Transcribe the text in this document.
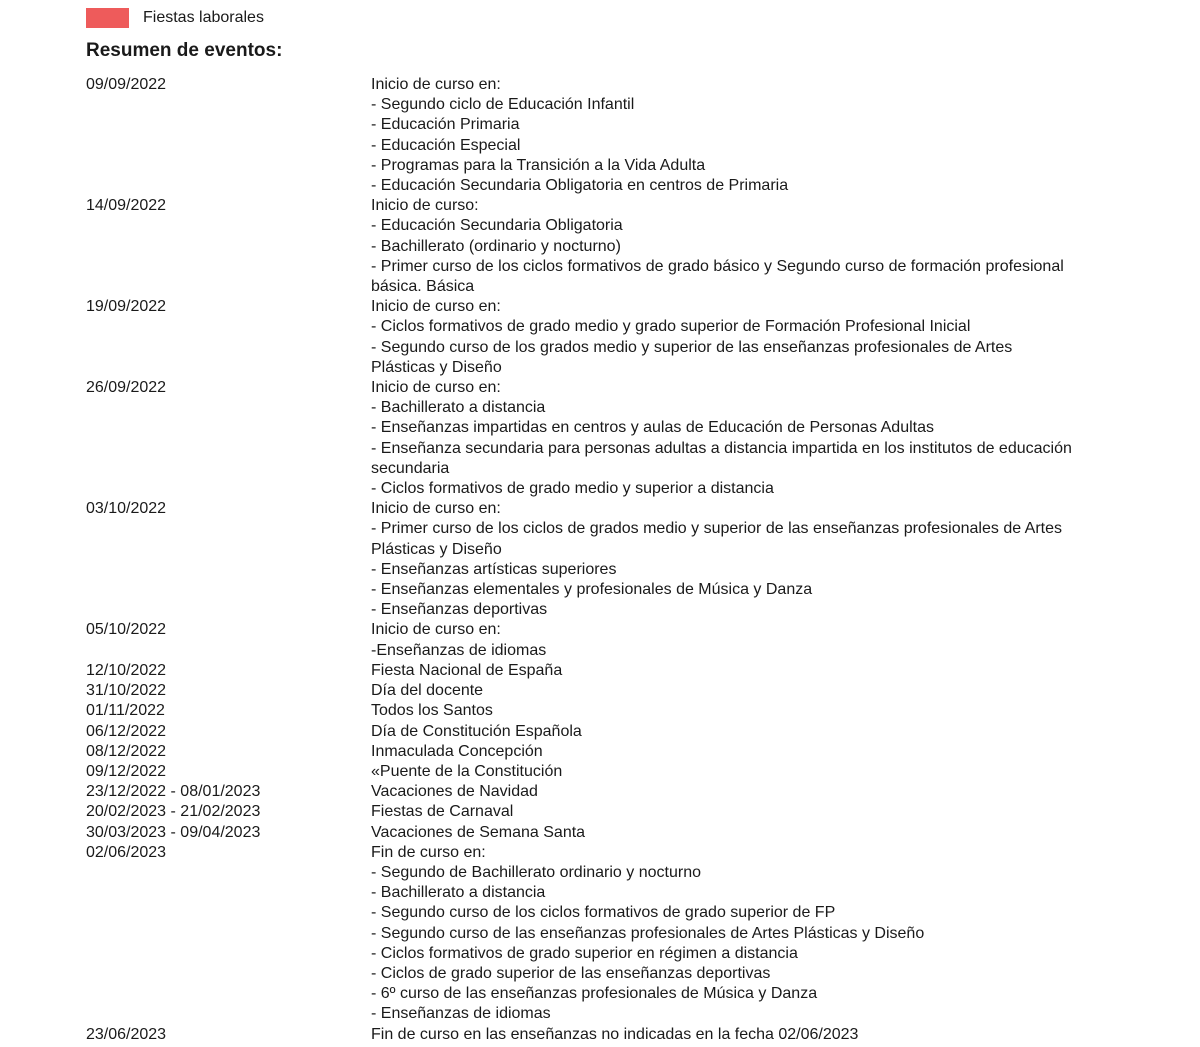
Fiestas laborales
Resumen de eventos:
09/09/2022	Inicio de curso en:
- Segundo ciclo de Educación Infantil
- Educación Primaria
- Educación Especial
- Programas para la Transición a la Vida Adulta
- Educación Secundaria Obligatoria en centros de Primaria
14/09/2022	Inicio de curso:
- Educación Secundaria Obligatoria
- Bachillerato (ordinario y nocturno)
- Primer curso de los ciclos formativos de grado básico y Segundo curso de formación profesional
básica. Básica
19/09/2022	Inicio de curso en:
- Ciclos formativos de grado medio y grado superior de Formación Profesional Inicial
- Segundo curso de los grados medio y superior de las enseñanzas profesionales de Artes
Plásticas y Diseño
26/09/2022	Inicio de curso en:
- Bachillerato a distancia
- Enseñanzas impartidas en centros y aulas de Educación de Personas Adultas
- Enseñanza secundaria para personas adultas a distancia impartida en los institutos de educación
secundaria
- Ciclos formativos de grado medio y superior a distancia
03/10/2022	Inicio de curso en:
- Primer curso de los ciclos de grados medio y superior de las enseñanzas profesionales de Artes
Plásticas y Diseño
- Enseñanzas artísticas superiores
- Enseñanzas elementales y profesionales de Música y Danza
- Enseñanzas deportivas
05/10/2022	Inicio de curso en:
-Enseñanzas de idiomas
12/10/2022	Fiesta Nacional de España
31/10/2022	Día del docente
01/11/2022	Todos los Santos
06/12/2022	Día de Constitución Española
08/12/2022	Inmaculada Concepción
09/12/2022	«Puente de la Constitución
23/12/2022 - 08/01/2023	Vacaciones de Navidad
20/02/2023 - 21/02/2023	Fiestas de Carnaval
30/03/2023 - 09/04/2023	Vacaciones de Semana Santa
02/06/2023	Fin de curso en:
- Segundo de Bachillerato ordinario y nocturno
- Bachillerato a distancia
- Segundo curso de los ciclos formativos de grado superior de FP
- Segundo curso de las enseñanzas profesionales de Artes Plásticas y Diseño
- Ciclos formativos de grado superior en régimen a distancia
- Ciclos de grado superior de las enseñanzas deportivas
- 6º curso de las enseñanzas profesionales de Música y Danza
- Enseñanzas de idiomas
23/06/2023	Fin de curso en las enseñanzas no indicadas en la fecha 02/06/2023
